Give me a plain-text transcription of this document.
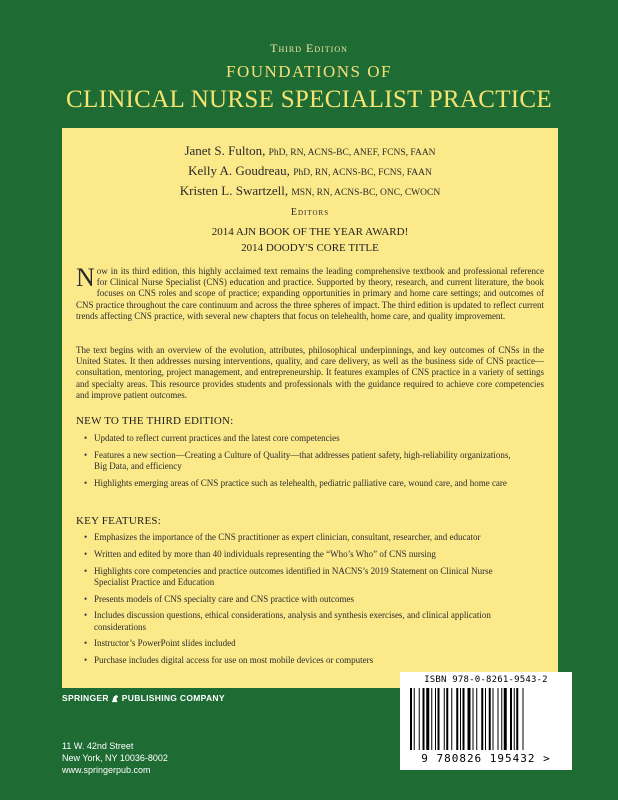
Third Edition
FOUNDATIONS OF
CLINICAL NURSE SPECIALIST PRACTICE
Janet S. Fulton, PhD, RN, ACNS-BC, ANEF, FCNS, FAAN
Kelly A. Goudreau, PhD, RN, ACNS-BC, FCNS, FAAN
Kristen L. Swartzell, MSN, RN, ACNS-BC, ONC, CWOCN
Editors
2014 AJN BOOK OF THE YEAR AWARD!
2014 DOODY'S CORE TITLE

Now in its third edition, this highly acclaimed text remains the leading comprehensive textbook and professional reference for Clinical Nurse Specialist (CNS) education and practice. Supported by theory, research, and current literature, the book focuses on CNS roles and scope of practice; expanding opportunities in primary and home care settings; and outcomes of CNS practice throughout the care continuum and across the three spheres of impact. The third edition is updated to reflect current trends affecting CNS practice, with several new chapters that focus on telehealth, home care, and quality improvement.

The text begins with an overview of the evolution, attributes, philosophical underpinnings, and key outcomes of CNSs in the United States. It then addresses nursing interventions, quality, and care delivery, as well as the business side of CNS practice—consultation, mentoring, project management, and entrepreneurship. It features examples of CNS practice in a variety of settings and specialty areas. This resource provides students and professionals with the guidance required to achieve core competencies and improve patient outcomes.

NEW TO THE THIRD EDITION:
• Updated to reflect current practices and the latest core competencies
• Features a new section—Creating a Culture of Quality—that addresses patient safety, high-reliability organizations, Big Data, and efficiency
• Highlights emerging areas of CNS practice such as telehealth, pediatric palliative care, wound care, and home care
KEY FEATURES:
• Emphasizes the importance of the CNS practitioner as expert clinician, consultant, researcher, and educator
• Written and edited by more than 40 individuals representing the “Who’s Who” of CNS nursing
• Highlights core competencies and practice outcomes identified in NACNS’s 2019 Statement on Clinical Nurse Specialist Practice and Education
• Presents models of CNS specialty care and CNS practice with outcomes
• Includes discussion questions, ethical considerations, analysis and synthesis exercises, and clinical application considerations
• Instructor’s PowerPoint slides included
• Purchase includes digital access for use on most mobile devices or computers
SPRINGER PUBLISHING COMPANY
11 W. 42nd Street
New York, NY 10036-8002
www.springerpub.com
ISBN 978-0-8261-9543-2
9 780826 195432 >
